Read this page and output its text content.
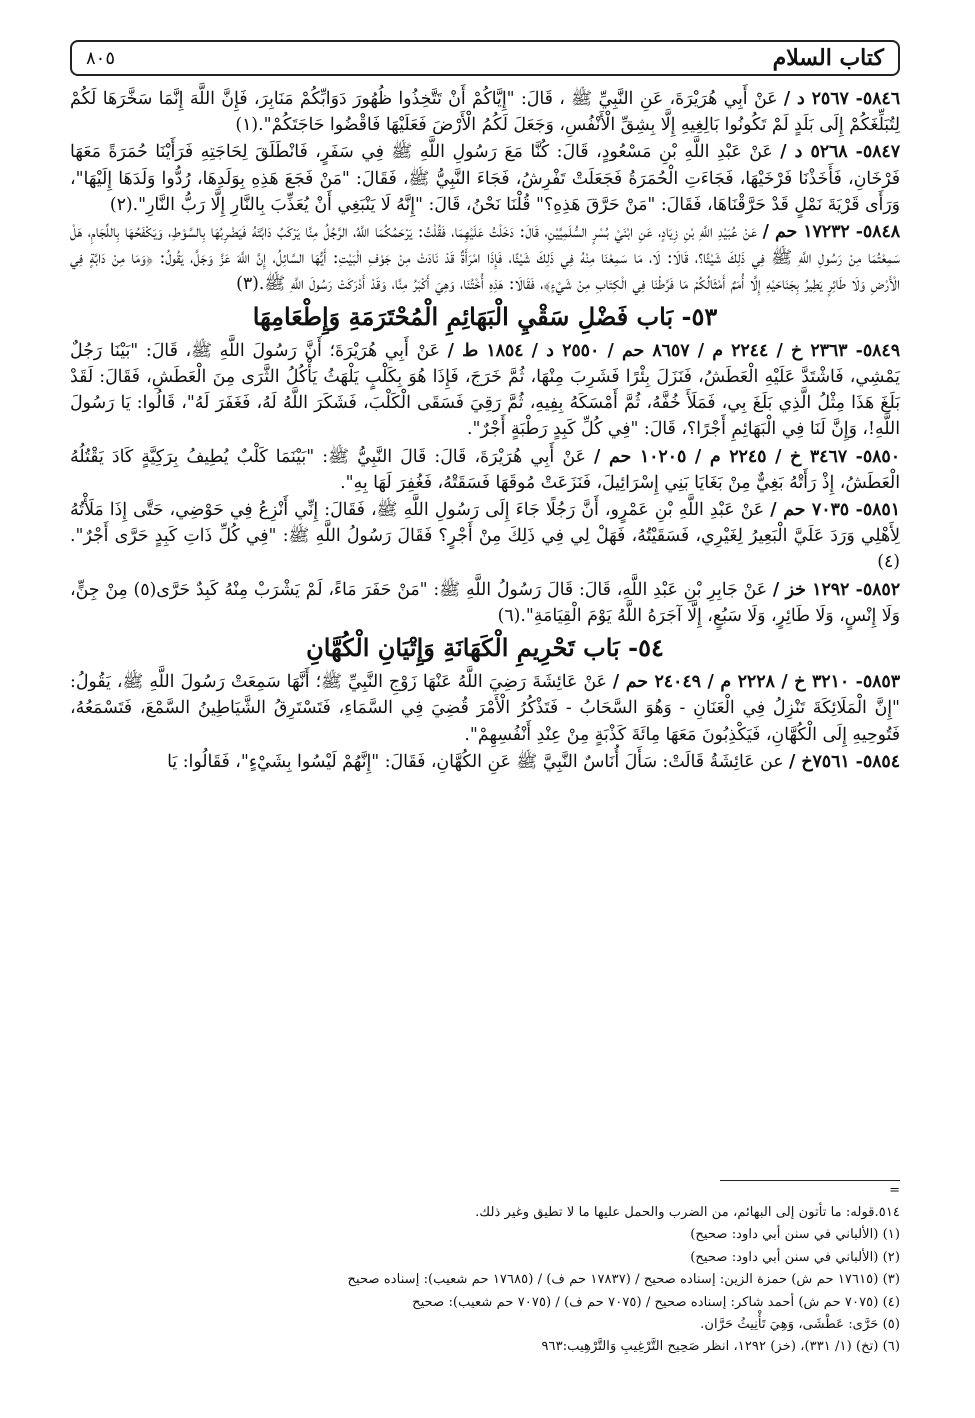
كتاب السلام
٨٠٥

٥٨٤٦- ٢٥٦٧ د / عَنْ أَبِي هُرَيْرَةَ، عَنِ النَّبِيِّ ﷺ ، قَالَ: "إِيَّاكُمْ أَنْ تَتَّخِذُوا ظُهُورَ دَوَابِّكُمْ مَنَابِرَ، فَإِنَّ اللَّهَ إِنَّمَا سَخَّرَهَا لَكُمْ لِتُبَلِّغَكُمْ إِلَى بَلَدٍ لَمْ تَكُونُوا بَالِغِيهِ إِلَّا بِشِقِّ الْأَنْفُسِ، وَجَعَلَ لَكُمُ الْأَرْضَ فَعَلَيْهَا فَاقْضُوا حَاجَتَكُمْ".(١)

٥٨٤٧- ٥٢٦٨ د / عَنْ عَبْدِ اللَّهِ بْنِ مَسْعُودٍ، قَالَ: كُنَّا مَعَ رَسُولِ اللَّهِ ﷺ فِي سَفَرٍ، فَانْطَلَقَ لِحَاجَتِهِ فَرَأَيْنَا حُمَرَةً مَعَهَا فَرْخَانِ، فَأَخَذْنَا فَرْخَيْهَا، فَجَاءَتِ الْحُمَرَةُ فَجَعَلَتْ تَفْرِشُ، فَجَاءَ النَّبِيُّ ﷺ، فَقَالَ: "مَنْ فَجَعَ هَذِهِ بِوَلَدِهَا، رُدُّوا وَلَدَهَا إِلَيْهَا"، وَرَأَى قَرْيَةَ نَمْلٍ قَدْ حَرَّقْنَاهَا، فَقَالَ: "مَنْ حَرَّقَ هَذِهِ؟" قُلْنَا نَحْنُ، قَالَ: "إِنَّهُ لَا يَنْبَغِي أَنْ يُعَذِّبَ بِالنَّارِ إِلَّا رَبُّ النَّارِ".(٢)

٥٨٤٨- ١٧٢٣٢ حم / عَنْ عُبَيْدِ اللَّهِ بْنِ زِيَادٍ، عَنِ ابْنَيْ بُسْرٍ السُّلَمِيَّيْنِ، قَالَ: دَخَلْتُ عَلَيْهِمَا، فَقُلْتُ: يَرْحَمُكُمَا اللَّهُ، الرَّجُلُ مِنَّا يَرْكَبُ دَابَّتَهُ فَيَضْرِبُهَا بِالسَّوْطِ، وَيَكْفَحُهَا بِاللِّجَامِ، هَلْ سَمِعْتُمَا مِنْ رَسُولِ اللَّهِ ﷺ فِي ذَلِكَ شَيْئًا؟، قَالَا: لَا، مَا سَمِعْنَا مِنْهُ فِي ذَلِكَ شَيْئًا، فَإِذَا امْرَأَةٌ قَدْ نَادَتْ مِنْ جَوْفِ الْبَيْتِ: أَيُّهَا السَّائِلُ، إِنَّ اللَّهَ عَزَّ وَجَلَّ، يَقُولُ: ﴿وَمَا مِنْ دَابَّةٍ فِي الْأَرْضِ وَلَا طَائِرٍ يَطِيرُ بِجَنَاحَيْهِ إِلَّا أُمَمٌ أَمْثَالُكُمْ مَا فَرَّطْنَا فِي الْكِتَابِ مِنْ شَيْءٍ﴾، فَقَالَا: هَذِهِ أُخْتُنَا، وَهِيَ أَكْبَرُ مِنَّا، وَقَدْ أَدْرَكَتْ رَسُولَ اللَّهِ ﷺ.(٣)

٥٣- بَاب فَضْلِ سَقْيِ الْبَهَائِمِ الْمُحْتَرَمَةِ وَإِطْعَامِهَا

٥٨٤٩- ٢٣٦٣ خ / ٢٢٤٤ م / ٨٦٥٧ حم / ٢٥٥٠ د / ١٨٥٤ ط / عَنْ أَبِي هُرَيْرَةَ؛ أَنَّ رَسُولَ اللَّهِ ﷺ، قَالَ: "بَيْنَا رَجُلٌ يَمْشِي، فَاشْتَدَّ عَلَيْهِ الْعَطَشُ، فَنَزَلَ بِئْرًا فَشَرِبَ مِنْهَا، ثُمَّ خَرَجَ، فَإِذَا هُوَ بِكَلْبٍ يَلْهَثُ يَأْكُلُ الثَّرَى مِنَ الْعَطَشِ، فَقَالَ: لَقَدْ بَلَغَ هَذَا مِثْلُ الَّذِي بَلَغَ بِي، فَمَلَأَ خُفَّهُ، ثُمَّ أَمْسَكَهُ بِفِيهِ، ثُمَّ رَقِيَ فَسَقَى الْكَلْبَ، فَشَكَرَ اللَّهُ لَهُ، فَغَفَرَ لَهُ"، قَالُوا: يَا رَسُولَ اللَّهِ!، وَإِنَّ لَنَا فِي الْبَهَائِمِ أَجْرًا؟، قَالَ: "فِي كُلِّ كَبِدٍ رَطْبَةٍ أَجْرٌ".

٥٨٥٠- ٣٤٦٧ خ / ٢٢٤٥ م / ١٠٢٠٥ حم / عَنْ أَبِي هُرَيْرَةَ، قَالَ: قَالَ النَّبِيُّ ﷺ: "بَيْنَمَا كَلْبٌ يُطِيفُ بِرَكِيَّةٍ كَادَ يَقْتُلُهُ الْعَطَشُ، إِذْ رَأَتْهُ بَغِيٌّ مِنْ بَغَايَا بَنِي إِسْرَائِيلَ، فَنَزَعَتْ مُوقَهَا فَسَقَتْهُ، فَغُفِرَ لَهَا بِهِ".

٥٨٥١- ٧٠٣٥ حم / عَنْ عَبْدِ اللَّهِ بْنِ عَمْرٍو، أَنَّ رَجُلًا جَاءَ إِلَى رَسُولِ اللَّهِ ﷺ، فَقَالَ: إِنِّي أَنْزِعُ فِي حَوْضِي، حَتَّى إِذَا مَلَأْتُهُ لِأَهْلِي وَرَدَ عَلَيَّ الْبَعِيرُ لِغَيْرِي، فَسَقَيْتُهُ، فَهَلْ لِي فِي ذَلِكَ مِنْ أَجْرٍ؟ فَقَالَ رَسُولُ اللَّهِ ﷺ: "فِي كُلِّ ذَاتِ كَبِدٍ حَرَّى أَجْرٌ".(٤)

٥٨٥٢- ١٢٩٢ خز / عَنْ جَابِرِ بْنِ عَبْدِ اللَّهِ، قَالَ: قَالَ رَسُولُ اللَّهِ ﷺ: "مَنْ حَفَرَ مَاءً، لَمْ يَشْرَبْ مِنْهُ كَبِدٌ حَرَّى(٥) مِنْ جِنٍّ، وَلَا إِنْسٍ، وَلَا طَائِرٍ، وَلَا سَبُعٍ، إِلَّا آجَرَهُ اللَّهُ يَوْمَ الْقِيَامَةِ".(٦)

٥٤- بَاب تَحْرِيمِ الْكَهَانَةِ وَإِتْيَانِ الْكُهَّانِ

٥٨٥٣- ٣٢١٠ خ / ٢٢٢٨ م / ٢٤٠٤٩ حم / عَنْ عَائِشَةَ رَضِيَ اللَّهُ عَنْهَا زَوْجِ النَّبِيِّ ﷺ؛ أَنَّهَا سَمِعَتْ رَسُولَ اللَّهِ ﷺ، يَقُولُ: "إِنَّ الْمَلَائِكَةَ تَنْزِلُ فِي الْعَنَانِ - وَهُوَ السَّحَابُ - فَتَذْكُرُ الْأَمْرَ قُضِيَ فِي السَّمَاءِ، فَتَسْتَرِقُ الشَّيَاطِينُ السَّمْعَ، فَتَسْمَعُهُ، فَتُوحِيهِ إِلَى الْكُهَّانِ، فَيَكْذِبُونَ مَعَهَا مِائَةَ كَذْبَةٍ مِنْ عِنْدِ أَنْفُسِهِمْ".

٥٨٥٤- ٧٥٦١خ / عن عَائِشَةُ قَالَتْ: سَأَلَ أُنَاسٌ النَّبِيَّ ﷺ عَنِ الكُهَّانِ، فَقَالَ: "إِنَّهُمْ لَيْسُوا بِشَيْءٍ"، فَقَالُوا: يَا

=

٥١٤.قوله: ما تأتون إلى البهائم، من الضرب والحمل عليها ما لا تطيق وغير ذلك.

(١) (الألباني في سنن أبي داود: صحيح)

(٢) (الألباني في سنن أبي داود: صحيح)

(٣) (١٧٦١٥ حم ش) حمزة الزين: إسناده صحيح / (١٧٨٣٧ حم ف) / (١٧٦٨٥ حم شعيب): إسناده صحيح

(٤) (٧٠٧٥ حم ش) أحمد شاكر: إسناده صحيح / (٧٠٧٥ حم ف) / (٧٠٧٥ حم شعيب): صحيح

(٥) حَرَّى: عَطْشَى، وَهِيَ تَأْنِيثُ حَرَّان.

(٦) (تخ) (١/ ٣٣١)، (خز) ١٢٩٢، انظر صَحِيح التَّرْغِيبِ وَالتَّرْهِيب:٩٦٣
